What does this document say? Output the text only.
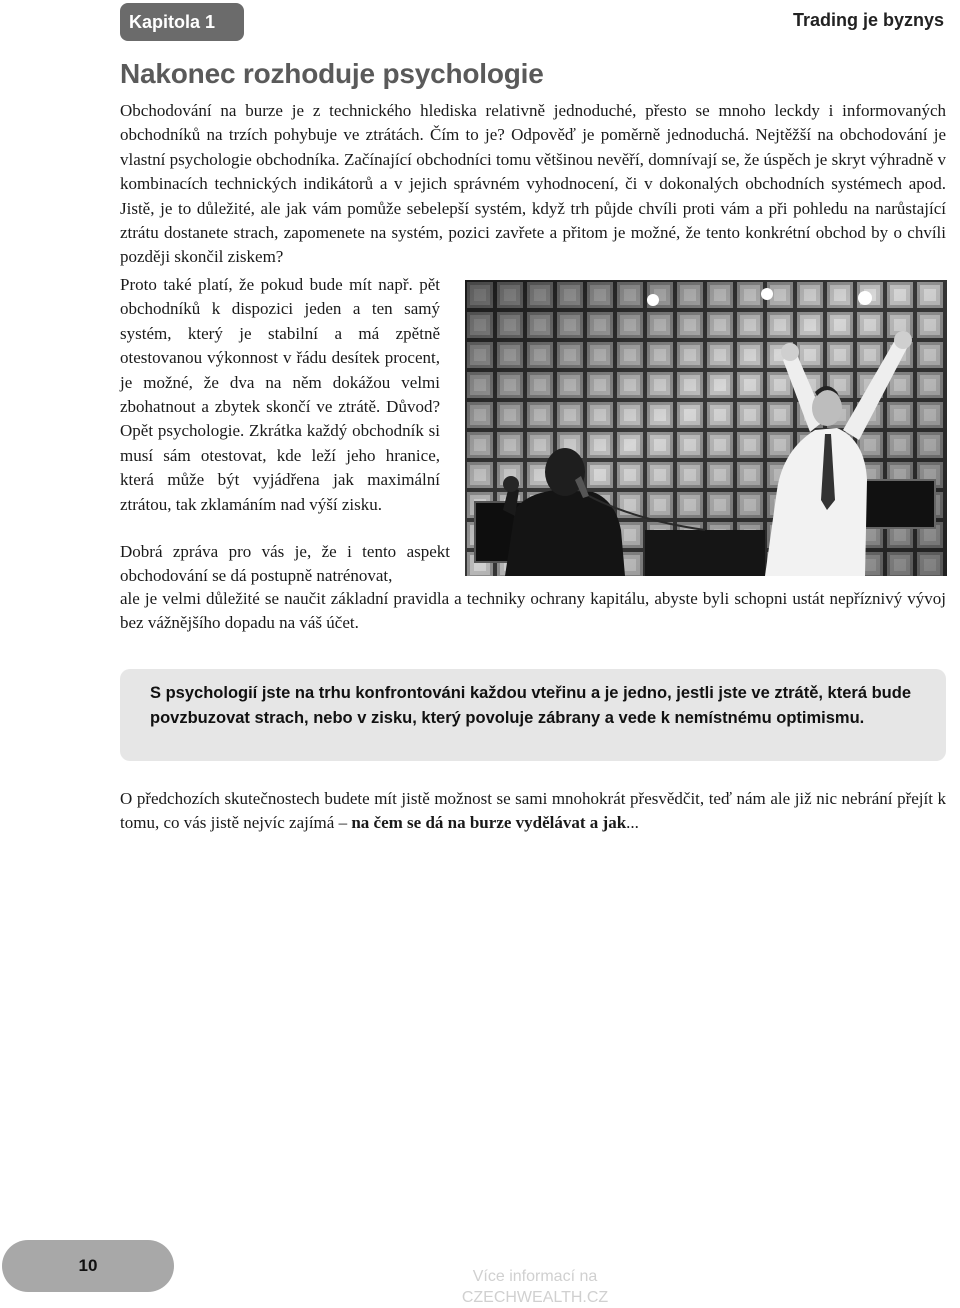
Kapitola 1	Trading je byznys
Nakonec rozhoduje psychologie

Obchodování na burze je z technického hlediska relativně jednoduché, přesto se mnoho leckdy i informovaných obchodníků na trzích pohybuje ve ztrátách. Čím to je? Odpověď je poměrně jednoduchá. Nejtěžší na obchodování je vlastní psychologie obchodníka. Začínající obchodníci tomu většinou nevěří, domnívají se, že úspěch je skryt výhradně v kombinacích technických indikátorů a v jejich správném vyhodnocení, či v dokonalých obchodních systémech apod. Jistě, je to důležité, ale jak vám pomůže sebelepší systém, když trh půjde chvíli proti vám a při pohledu na narůstající ztrátu dostanete strach, zapomenete na systém, pozici zavřete a přitom je možné, že tento konkrétní obchod by o chvíli později skončil ziskem?

Proto také platí, že pokud bude mít např. pět obchodníků k dispozici jeden a ten samý systém, který je stabilní a má zpětně otestovanou výkonnost v řádu desítek procent, je možné, že dva na něm dokážou velmi zbohatnout a zbytek skončí ve ztrátě. Důvod? Opět psychologie. Zkrátka každý obchodník si musí sám otestovat, kde leží jeho hranice, která může být vyjádřena jak maximální ztrátou, tak zklamáním nad výší zisku.

Dobrá zpráva pro vás je, že i tento aspekt obchodování se dá postupně natrénovat,

ale je velmi důležité se naučit základní pravidla a techniky ochrany kapitálu, abyste byli schopni ustát nepříznivý vývoj bez vážnějšího dopadu na váš účet.

S psychologií jste na trhu konfrontováni každou vteřinu a je jedno, jestli jste ve ztrátě, která bude povzbuzovat strach, nebo v zisku, který povoluje zábrany a vede k nemístnému optimismu.

O předchozích skutečnostech budete mít jistě možnost se sami mnohokrát přesvědčit, teď nám ale již nic nebrání přejít k tomu, co vás jistě nejvíc zajímá – na čem se dá na burze vydělávat a jak...

10
Více informací na
CZECHWEALTH.CZ
